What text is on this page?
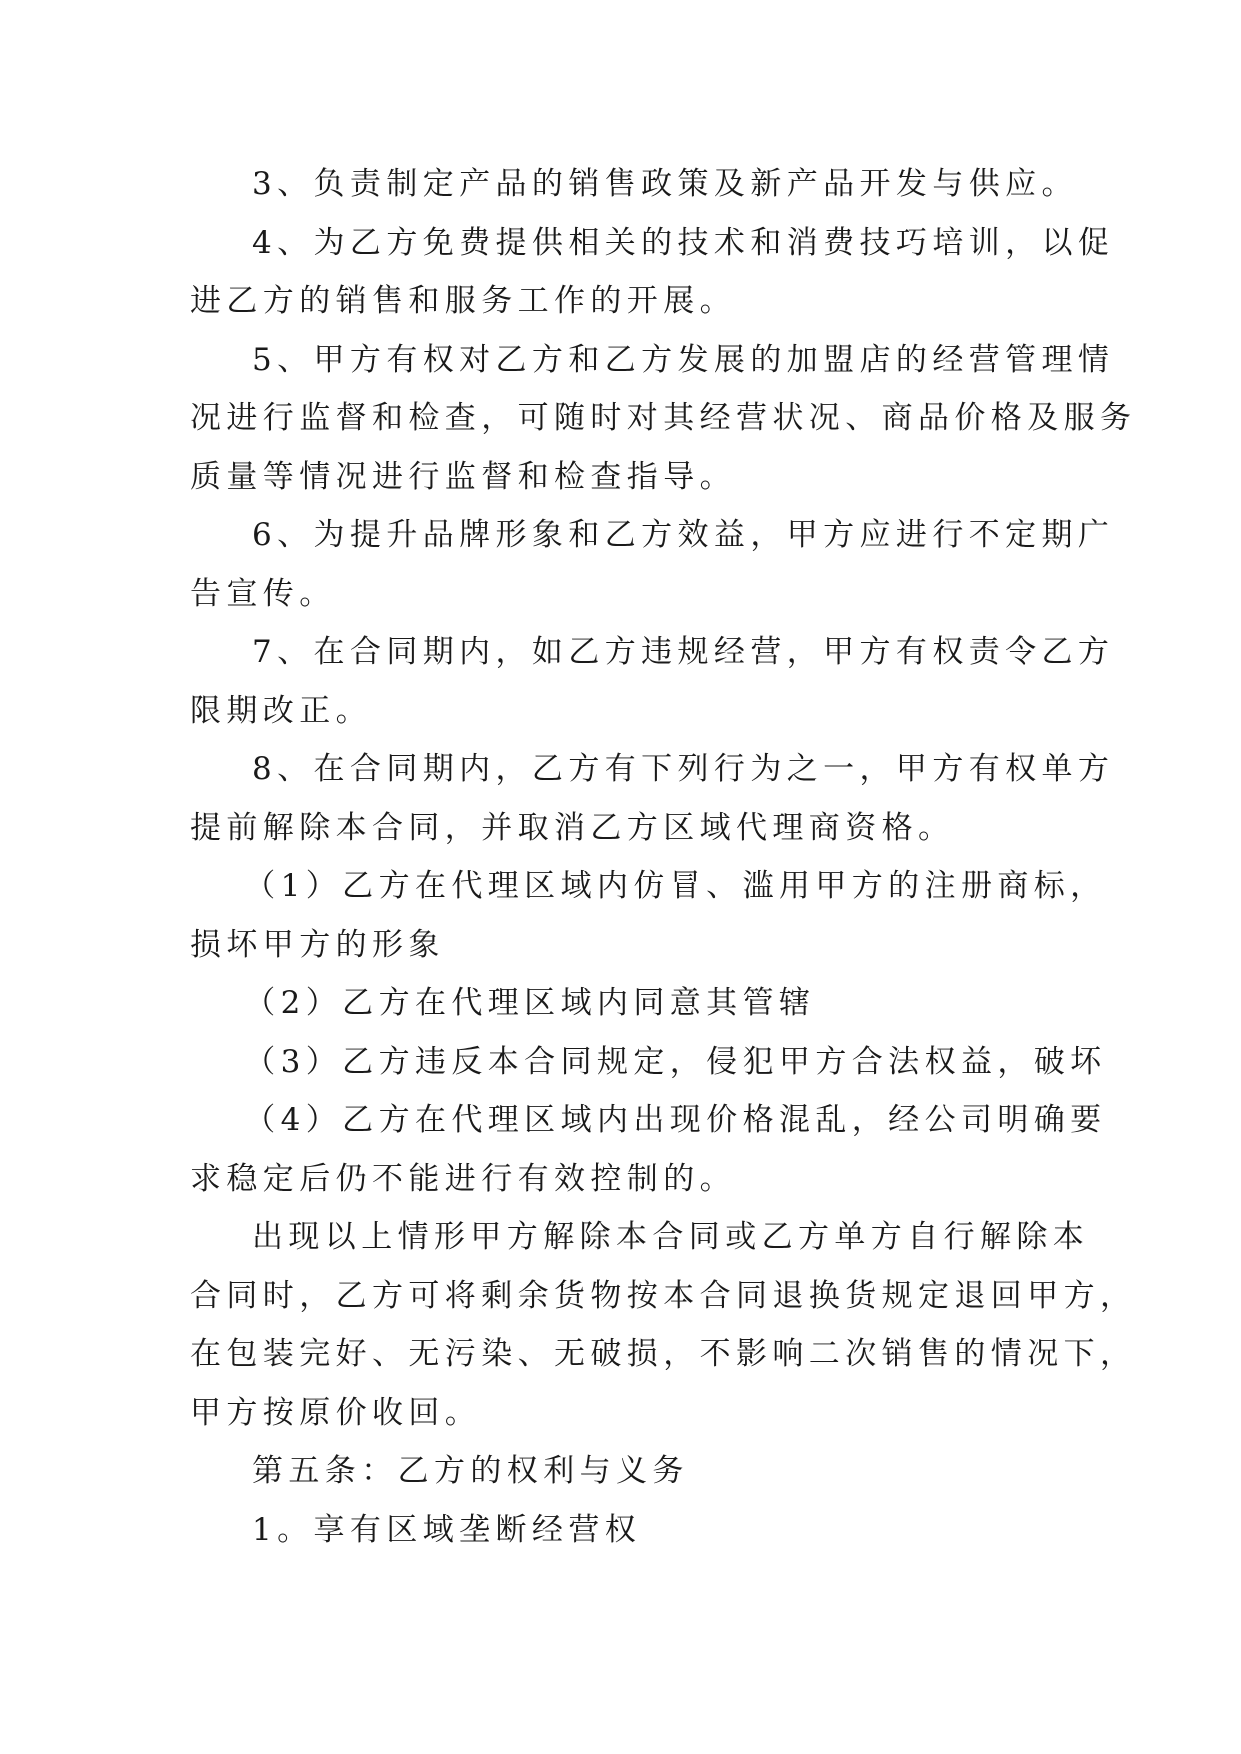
3、负责制定产品的销售政策及新产品开发与供应。
4、为乙方免费提供相关的技术和消费技巧培训，以促
进乙方的销售和服务工作的开展。
5、甲方有权对乙方和乙方发展的加盟店的经营管理情
况进行监督和检查，可随时对其经营状况、商品价格及服务
质量等情况进行监督和检查指导。
6、为提升品牌形象和乙方效益，甲方应进行不定期广
告宣传。
7、在合同期内，如乙方违规经营，甲方有权责令乙方
限期改正。
8、在合同期内，乙方有下列行为之一，甲方有权单方
提前解除本合同，并取消乙方区域代理商资格。
（1）乙方在代理区域内仿冒、滥用甲方的注册商标，
损坏甲方的形象
（2）乙方在代理区域内同意其管辖
（3）乙方违反本合同规定，侵犯甲方合法权益，破坏
（4）乙方在代理区域内出现价格混乱，经公司明确要
求稳定后仍不能进行有效控制的。
出现以上情形甲方解除本合同或乙方单方自行解除本
合同时，乙方可将剩余货物按本合同退换货规定退回甲方，
在包装完好、无污染、无破损，不影响二次销售的情况下，
甲方按原价收回。
第五条：乙方的权利与义务
1。享有区域垄断经营权
